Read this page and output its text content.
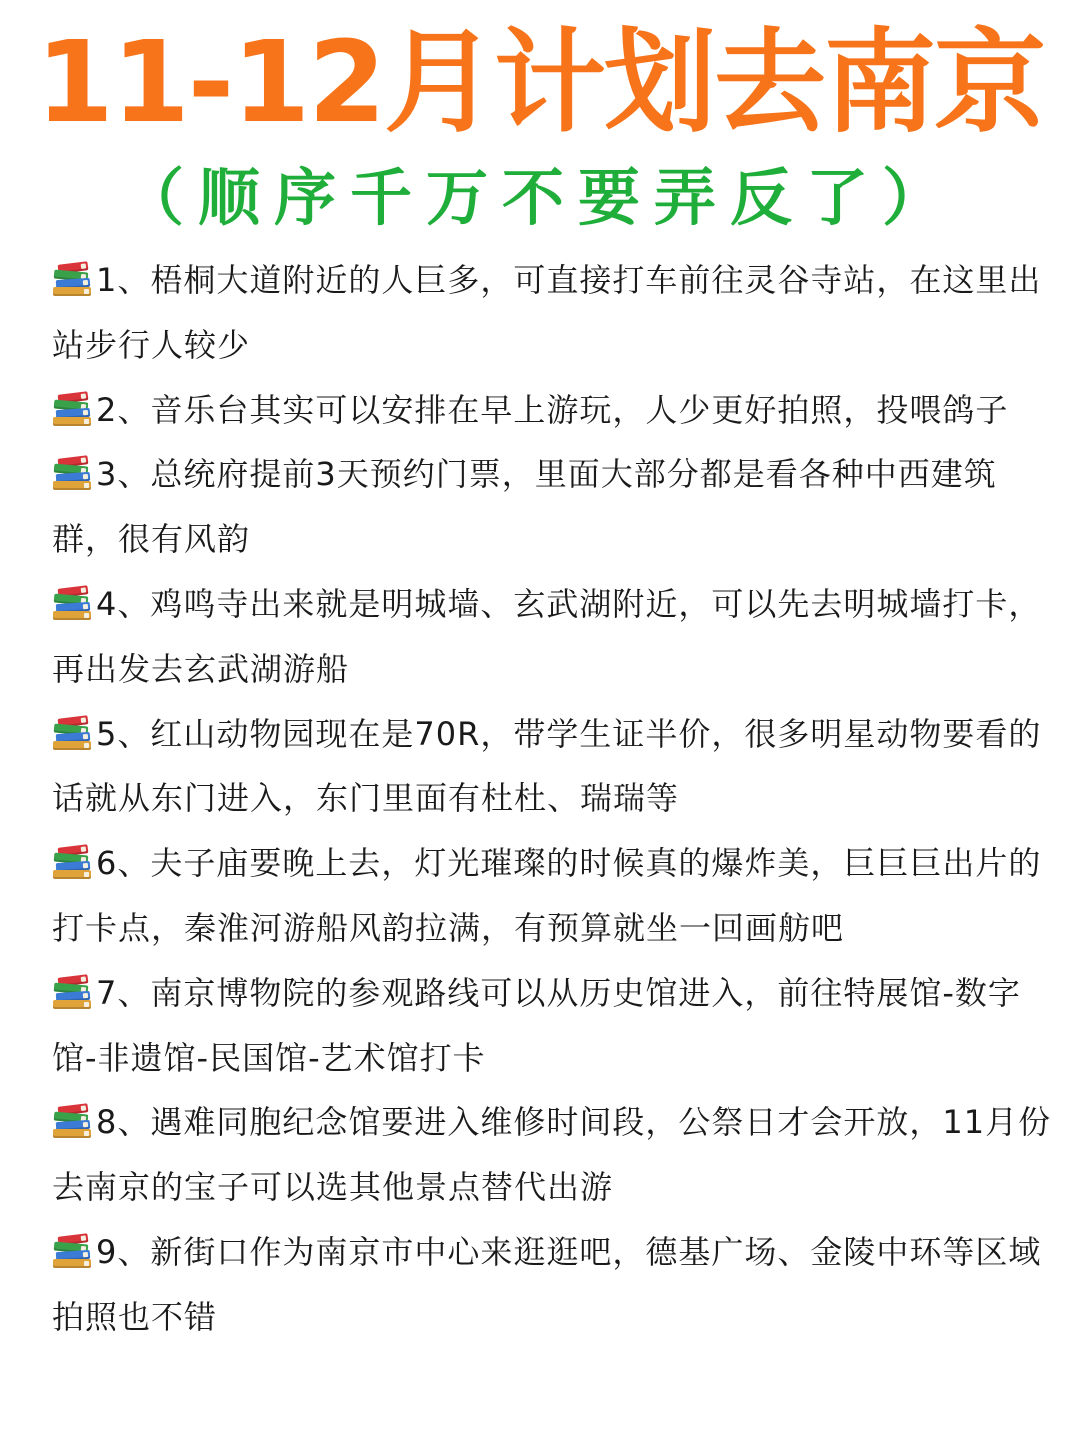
11-12月计划去南京
（顺序千万不要弄反了）
1、梧桐大道附近的人巨多，可直接打车前往灵谷寺站，在这里出站步行人较少
2、音乐台其实可以安排在早上游玩，人少更好拍照，投喂鸽子
3、总统府提前3天预约门票，里面大部分都是看各种中西建筑群，很有风韵
4、鸡鸣寺出来就是明城墙、玄武湖附近，可以先去明城墙打卡，再出发去玄武湖游船
5、红山动物园现在是70R，带学生证半价，很多明星动物要看的话就从东门进入，东门里面有杜杜、瑞瑞等
6、夫子庙要晚上去，灯光璀璨的时候真的爆炸美，巨巨巨出片的打卡点，秦淮河游船风韵拉满，有预算就坐一回画舫吧
7、南京博物院的参观路线可以从历史馆进入，前往特展馆-数字馆-非遗馆-民国馆-艺术馆打卡
8、遇难同胞纪念馆要进入维修时间段，公祭日才会开放，11月份去南京的宝子可以选其他景点替代出游
9、新街口作为南京市中心来逛逛吧，德基广场、金陵中环等区域拍照也不错
